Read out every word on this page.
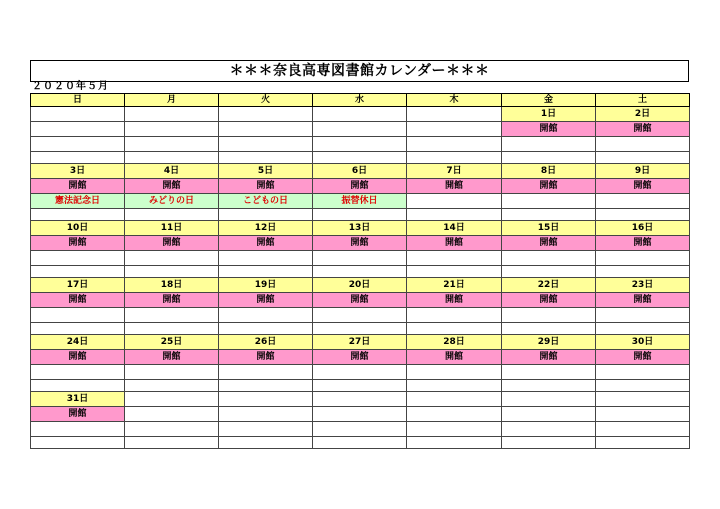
＊＊＊奈良高専図書館カレンダー＊＊＊
２０２０年５月
日	月	火	水	木	金	土
					1日	2日
					開館	開館

3日	4日	5日	6日	7日	8日	9日
開館	開館	開館	開館	開館	開館	開館
憲法記念日	みどりの日	こどもの日	振替休日			

10日	11日	12日	13日	14日	15日	16日
開館	開館	開館	開館	開館	開館	開館

17日	18日	19日	20日	21日	22日	23日
開館	開館	開館	開館	開館	開館	開館

24日	25日	26日	27日	28日	29日	30日
開館	開館	開館	開館	開館	開館	開館

31日						
開館						
